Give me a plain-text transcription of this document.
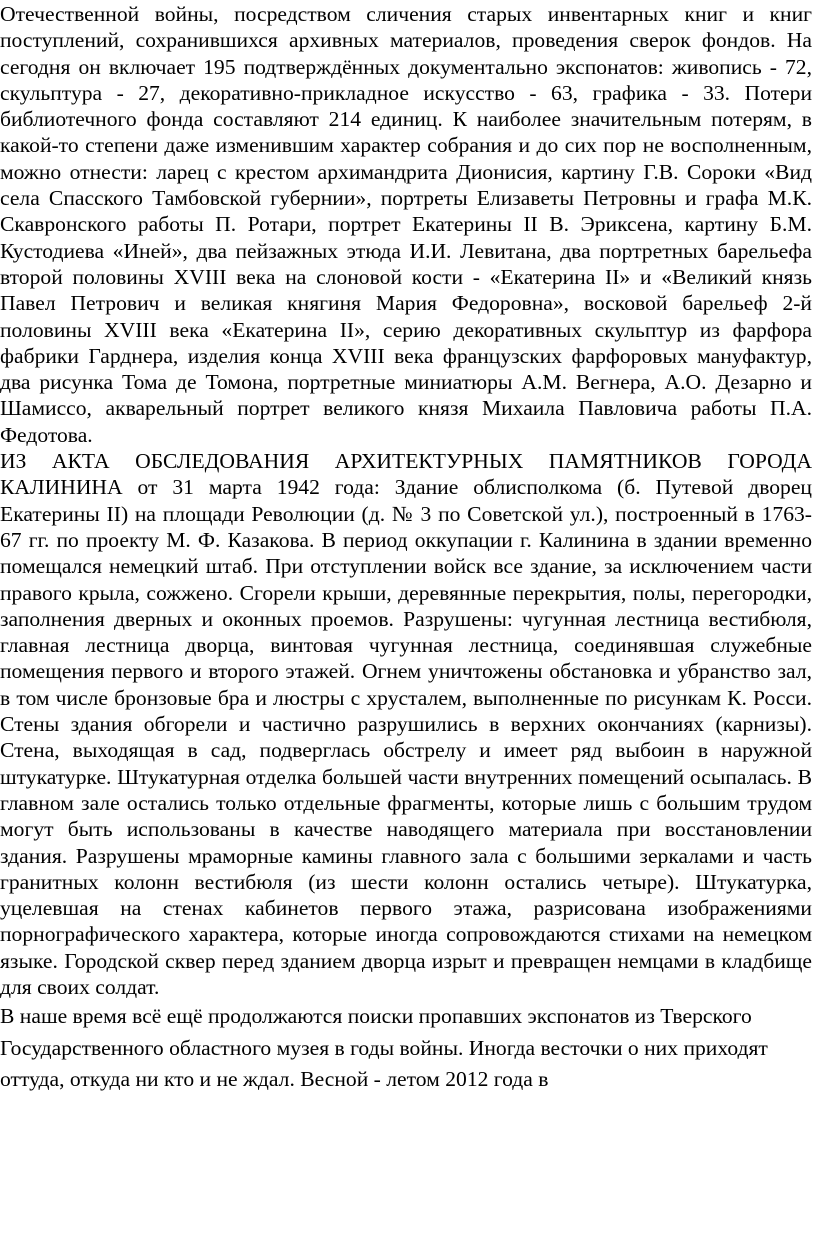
Отечественной войны, посредством сличения старых инвентарных книг и книг поступлений, сохранившихся архивных материалов, проведения сверок фондов. На сегодня он включает 195 подтверждённых документально экспонатов: живопись - 72, скульптура - 27, декоративно-прикладное искусство - 63, графика - 33. Потери библиотечного фонда составляют 214 единиц. К наиболее значительным потерям, в какой-то степени даже изменившим характер собрания и до сих пор не восполненным, можно отнести: ларец с крестом архимандрита Дионисия, картину Г.В. Сороки «Вид села Спасского Тамбовской губернии», портреты Елизаветы Петровны и графа М.К. Скавронского работы П. Ротари, портрет Екатерины II В. Эриксена, картину Б.М. Кустодиева «Иней», два пейзажных этюда И.И. Левитана, два портретных барельефа второй половины XVIII века на слоновой кости - «Екатерина II» и «Великий князь Павел Петрович и великая княгиня Мария Федоровна», восковой барельеф 2-й половины XVIII века «Екатерина II», серию декоративных скульптур из фарфора фабрики Гарднера, изделия конца XVIII века французских фарфоровых мануфактур, два рисунка Тома де Томона, портретные миниатюры А.М. Вегнера, А.О. Дезарно и Шамиссо, акварельный портрет великого князя Михаила Павловича работы П.А. Федотова.

ИЗ АКТА ОБСЛЕДОВАНИЯ АРХИТЕКТУРНЫХ ПАМЯТНИКОВ ГОРОДА КАЛИНИНА от 31 марта 1942 года: Здание облисполкома (б. Путевой дворец Екатерины II) на площади Революции (д. № 3 по Советской ул.), построенный в 1763-67 гг. по проекту М. Ф. Казакова. В период оккупации г. Калинина в здании временно помещался немецкий штаб. При отступлении войск все здание, за исключением части правого крыла, сожжено. Сгорели крыши, деревянные перекрытия, полы, перегородки, заполнения дверных и оконных проемов. Разрушены: чугунная лестница вестибюля, главная лестница дворца, винтовая чугунная лестница, соединявшая служебные помещения первого и второго этажей. Огнем уничтожены обстановка и убранство зал, в том числе бронзовые бра и люстры с хрусталем, выполненные по рисункам К. Росси. Стены здания обгорели и частично разрушились в верхних окончаниях (карнизы). Стена, выходящая в сад, подверглась обстрелу и имеет ряд выбоин в наружной штукатурке. Штукатурная отделка большей части внутренних помещений осыпалась. В главном зале остались только отдельные фрагменты, которые лишь с большим трудом могут быть использованы в качестве наводящего материала при восстановлении здания. Разрушены мраморные камины главного зала с большими зеркалами и часть гранитных колонн вестибюля (из шести колонн остались четыре). Штукатурка, уцелевшая на стенах кабинетов первого этажа, разрисована изображениями порнографического характера, которые иногда сопровождаются стихами на немецком языке. Городской сквер перед зданием дворца изрыт и превращен немцами в кладбище для своих солдат.

В наше время всё ещё продолжаются поиски пропавших экспонатов из Тверского Государственного областного музея в годы войны. Иногда весточки о них приходят оттуда, откуда ни кто и не ждал. Весной - летом 2012 года в
